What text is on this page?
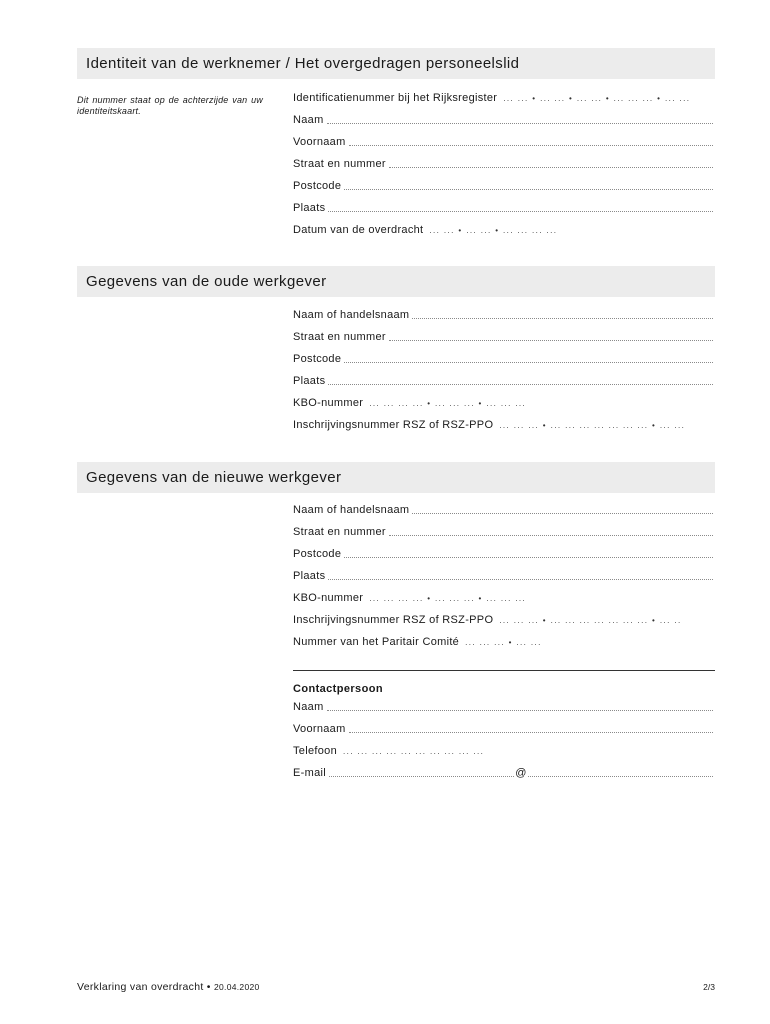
Identiteit van de werknemer / Het overgedragen personeelslid
Dit nummer staat op de achterzijde van uw identiteitskaart.
Identificatienummer bij het Rijksregister ... ... • ... ... • ... ... • ... ... ... • ... ...
Naam
Voornaam
Straat en nummer
Postcode
Plaats
Datum van de overdracht ... ... • ... ... • ... ... ... ...
Gegevens van de oude werkgever
Naam of handelsnaam
Straat en nummer
Postcode
Plaats
KBO-nummer ... ... ... ... • ... ... ... • ... ... ...
Inschrijvingsnummer RSZ of RSZ-PPO ... ... ... • ... ... ... ... ... ... ... • ... ...
Gegevens van de nieuwe werkgever
Naam of handelsnaam
Straat en nummer
Postcode
Plaats
KBO-nummer ... ... ... ... • ... ... ... • ... ... ...
Inschrijvingsnummer RSZ of RSZ-PPO ... ... ... • ... ... ... ... ... ... ... • ... ..
Nummer van het Paritair Comité ... ... ... • ... ...
Contactpersoon
Naam
Voornaam
Telefoon ... ... ... ... ... ... ... ... ... ...
E-mail	@
Verklaring van overdracht • 20.04.2020	2/3
